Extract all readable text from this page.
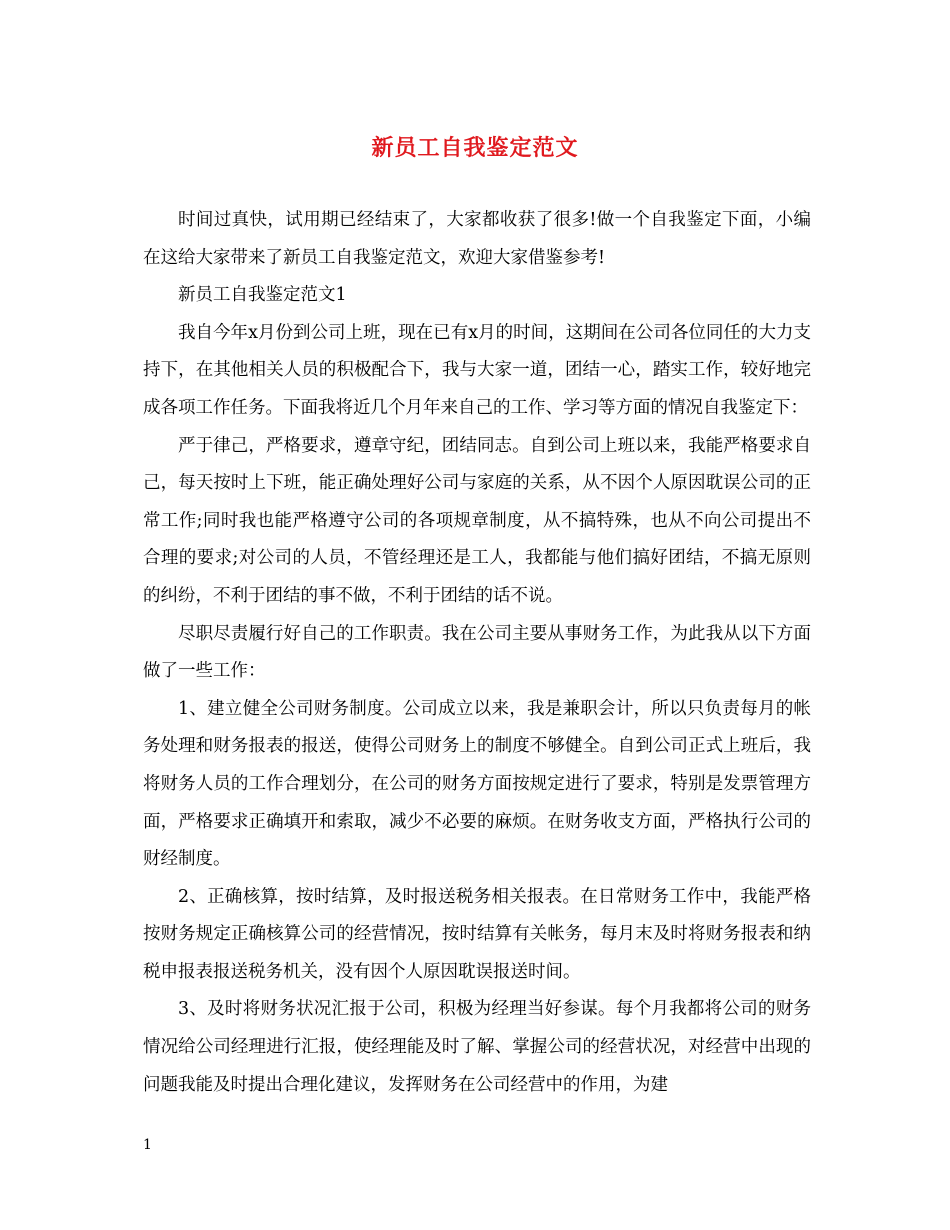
新员工自我鉴定范文

时间过真快，试用期已经结束了，大家都收获了很多!做一个自我鉴定下面，小编在这给大家带来了新员工自我鉴定范文，欢迎大家借鉴参考!

新员工自我鉴定范文1

我自今年x月份到公司上班，现在已有x月的时间，这期间在公司各位同任的大力支持下，在其他相关人员的积极配合下，我与大家一道，团结一心，踏实工作，较好地完成各项工作任务。下面我将近几个月年来自己的工作、学习等方面的情况自我鉴定下：

严于律己，严格要求，遵章守纪，团结同志。自到公司上班以来，我能严格要求自己，每天按时上下班，能正确处理好公司与家庭的关系，从不因个人原因耽误公司的正常工作;同时我也能严格遵守公司的各项规章制度，从不搞特殊，也从不向公司提出不合理的要求;对公司的人员，不管经理还是工人，我都能与他们搞好团结，不搞无原则的纠纷，不利于团结的事不做，不利于团结的话不说。

尽职尽责履行好自己的工作职责。我在公司主要从事财务工作，为此我从以下方面做了一些工作：

1、建立健全公司财务制度。公司成立以来，我是兼职会计，所以只负责每月的帐务处理和财务报表的报送，使得公司财务上的制度不够健全。自到公司正式上班后，我将财务人员的工作合理划分，在公司的财务方面按规定进行了要求，特别是发票管理方面，严格要求正确填开和索取，减少不必要的麻烦。在财务收支方面，严格执行公司的财经制度。

2、正确核算，按时结算，及时报送税务相关报表。在日常财务工作中，我能严格按财务规定正确核算公司的经营情况，按时结算有关帐务，每月末及时将财务报表和纳税申报表报送税务机关，没有因个人原因耽误报送时间。

3、及时将财务状况汇报于公司，积极为经理当好参谋。每个月我都将公司的财务情况给公司经理进行汇报，使经理能及时了解、掌握公司的经营状况，对经营中出现的问题我能及时提出合理化建议，发挥财务在公司经营中的作用，为建

1
